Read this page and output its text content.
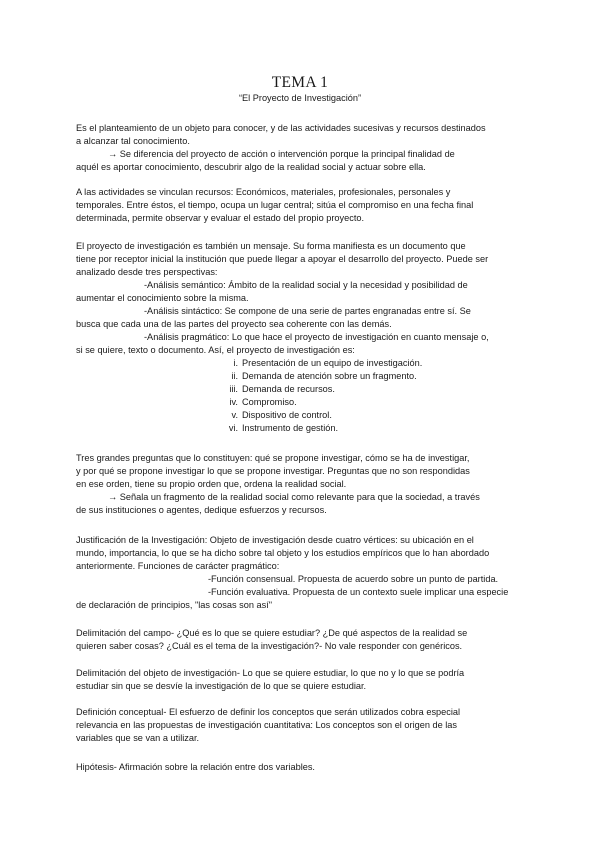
TEMA 1
“El Proyecto de Investigación”

Es el planteamiento de un objeto para conocer, y de las actividades sucesivas y recursos destinados

a alcanzar tal conocimiento.

→ Se diferencia del proyecto de acción o intervención porque la principal finalidad de

aquél es aportar conocimiento, descubrir algo de la realidad social y actuar sobre ella.

A las actividades se vinculan recursos: Económicos, materiales, profesionales, personales y

temporales. Entre éstos, el tiempo, ocupa un lugar central; sitúa el compromiso en una fecha final

determinada, permite observar y evaluar el estado del propio proyecto.

El proyecto de investigación es también un mensaje. Su forma manifiesta es un documento que

tiene por receptor inicial la institución que puede llegar a apoyar el desarrollo del proyecto. Puede ser

analizado desde tres perspectivas:

-Análisis semántico: Ámbito de la realidad social y la necesidad y posibilidad de

aumentar el conocimiento sobre la misma.

-Análisis sintáctico: Se compone de una serie de partes engranadas entre sí. Se

busca que cada una de las partes del proyecto sea coherente con las demás.

-Análisis pragmático: Lo que hace el proyecto de investigación en cuanto mensaje o,

si se quiere, texto o documento. Así, el proyecto de investigación es:

i. Presentación de un equipo de investigación.
ii. Demanda de atención sobre un fragmento.
iii. Demanda de recursos.
iv. Compromiso.
v. Dispositivo de control.
vi. Instrumento de gestión.

Tres grandes preguntas que lo constituyen: qué se propone investigar, cómo se ha de investigar,

y por qué se propone investigar lo que se propone investigar. Preguntas que no son respondidas

en ese orden, tiene su propio orden que, ordena la realidad social.

→ Señala un fragmento de la realidad social como relevante para que la sociedad, a través

de sus instituciones o agentes, dedique esfuerzos y recursos.

Justificación de la Investigación: Objeto de investigación desde cuatro vértices: su ubicación en el

mundo, importancia, lo que se ha dicho sobre tal objeto y los estudios empíricos que lo han abordado

anteriormente. Funciones de carácter pragmático:

-Función consensual. Propuesta de acuerdo sobre un punto de partida.

-Función evaluativa. Propuesta de un contexto suele implicar una especie

de declaración de principios, "las cosas son así"

Delimitación del campo- ¿Qué es lo que se quiere estudiar? ¿De qué aspectos de la realidad se

quieren saber cosas? ¿Cuál es el tema de la investigación?- No vale responder con genéricos.

Delimitación del objeto de investigación- Lo que se quiere estudiar, lo que no y lo que se podría

estudiar sin que se desvíe la investigación de lo que se quiere estudiar.

Definición conceptual- El esfuerzo de definir los conceptos que serán utilizados cobra especial

relevancia en las propuestas de investigación cuantitativa: Los conceptos son el origen de las

variables que se van a utilizar.

Hipótesis- Afirmación sobre la relación entre dos variables.
